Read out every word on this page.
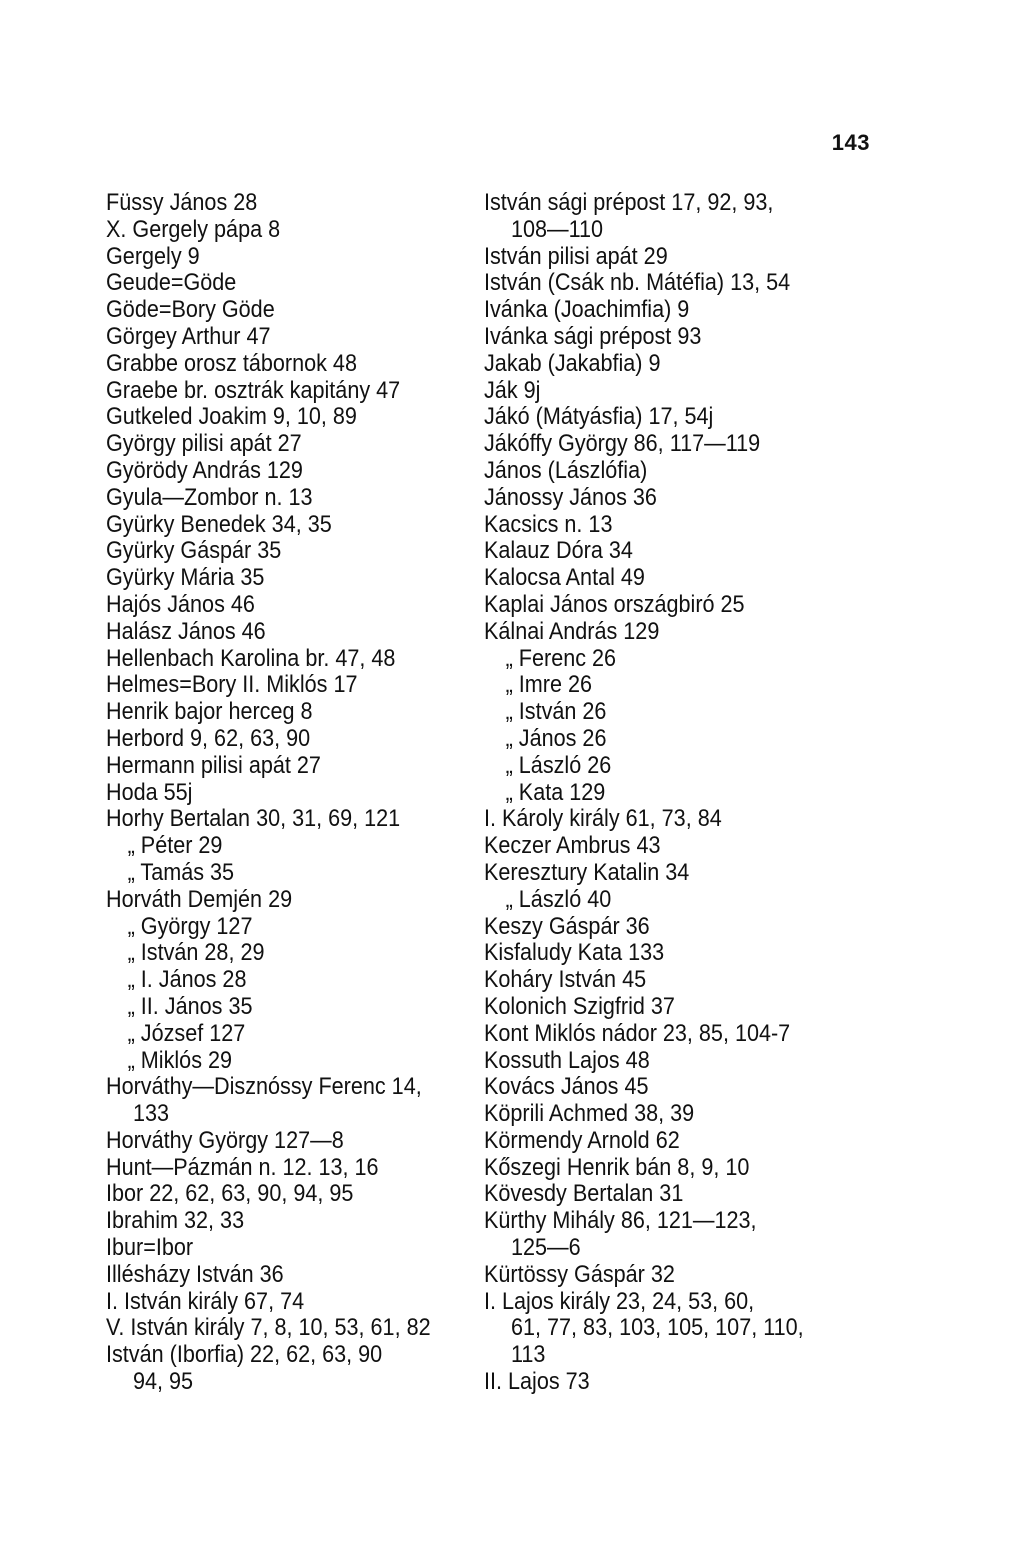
143
Füssy János 28
X. Gergely pápa 8
Gergely 9
Geude=Göde
Göde=Bory Göde
Görgey Arthur 47
Grabbe orosz tábornok 48
Graebe br. osztrák kapitány 47
Gutkeled Joakim 9, 10, 89
György pilisi apát 27
Györödy András 129
Gyula—Zombor n. 13
Gyürky Benedek 34, 35
Gyürky Gáspár 35
Gyürky Mária 35
Hajós János 46
Halász János 46
Hellenbach Karolina br. 47, 48
Helmes=Bory II. Miklós 17
Henrik bajor herceg 8
Herbord 9, 62, 63, 90
Hermann pilisi apát 27
Hoda 55j
Horhy Bertalan 30, 31, 69, 121
„ Péter 29
„ Tamás 35
Horváth Demjén 29
„ György 127
„ István 28, 29
„ I. János 28
„ II. János 35
„ József 127
„ Miklós 29
Horváthy—Disznóssy Ferenc 14,
133
Horváthy György 127—8
Hunt—Pázmán n. 12. 13, 16
Ibor 22, 62, 63, 90, 94, 95
Ibrahim 32, 33
Ibur=Ibor
Illésházy István 36
I. István király 67, 74
V. István király 7, 8, 10, 53, 61, 82
István (Iborfia) 22, 62, 63, 90
94, 95
István sági prépost 17, 92, 93,
108—110
István pilisi apát 29
István (Csák nb. Mátéfia) 13, 54
Ivánka (Joachimfia) 9
Ivánka sági prépost 93
Jakab (Jakabfia) 9
Ják 9j
Jákó (Mátyásfia) 17, 54j
Jákóffy György 86, 117—119
János (Lászlófia)
Jánossy János 36
Kacsics n. 13
Kalauz Dóra 34
Kalocsa Antal 49
Kaplai János országbiró 25
Kálnai András 129
„ Ferenc 26
„ Imre 26
„ István 26
„ János 26
„ László 26
„ Kata 129
I. Károly király 61, 73, 84
Keczer Ambrus 43
Keresztury Katalin 34
„ László 40
Keszy Gáspár 36
Kisfaludy Kata 133
Koháry István 45
Kolonich Szigfrid 37
Kont Miklós nádor 23, 85, 104-7
Kossuth Lajos 48
Kovács János 45
Köprili Achmed 38, 39
Körmendy Arnold 62
Kőszegi Henrik bán 8, 9, 10
Kövesdy Bertalan 31
Kürthy Mihály 86, 121—123,
125—6
Kürtössy Gáspár 32
I. Lajos király 23, 24, 53, 60,
61, 77, 83, 103, 105, 107, 110,
113
II. Lajos 73
